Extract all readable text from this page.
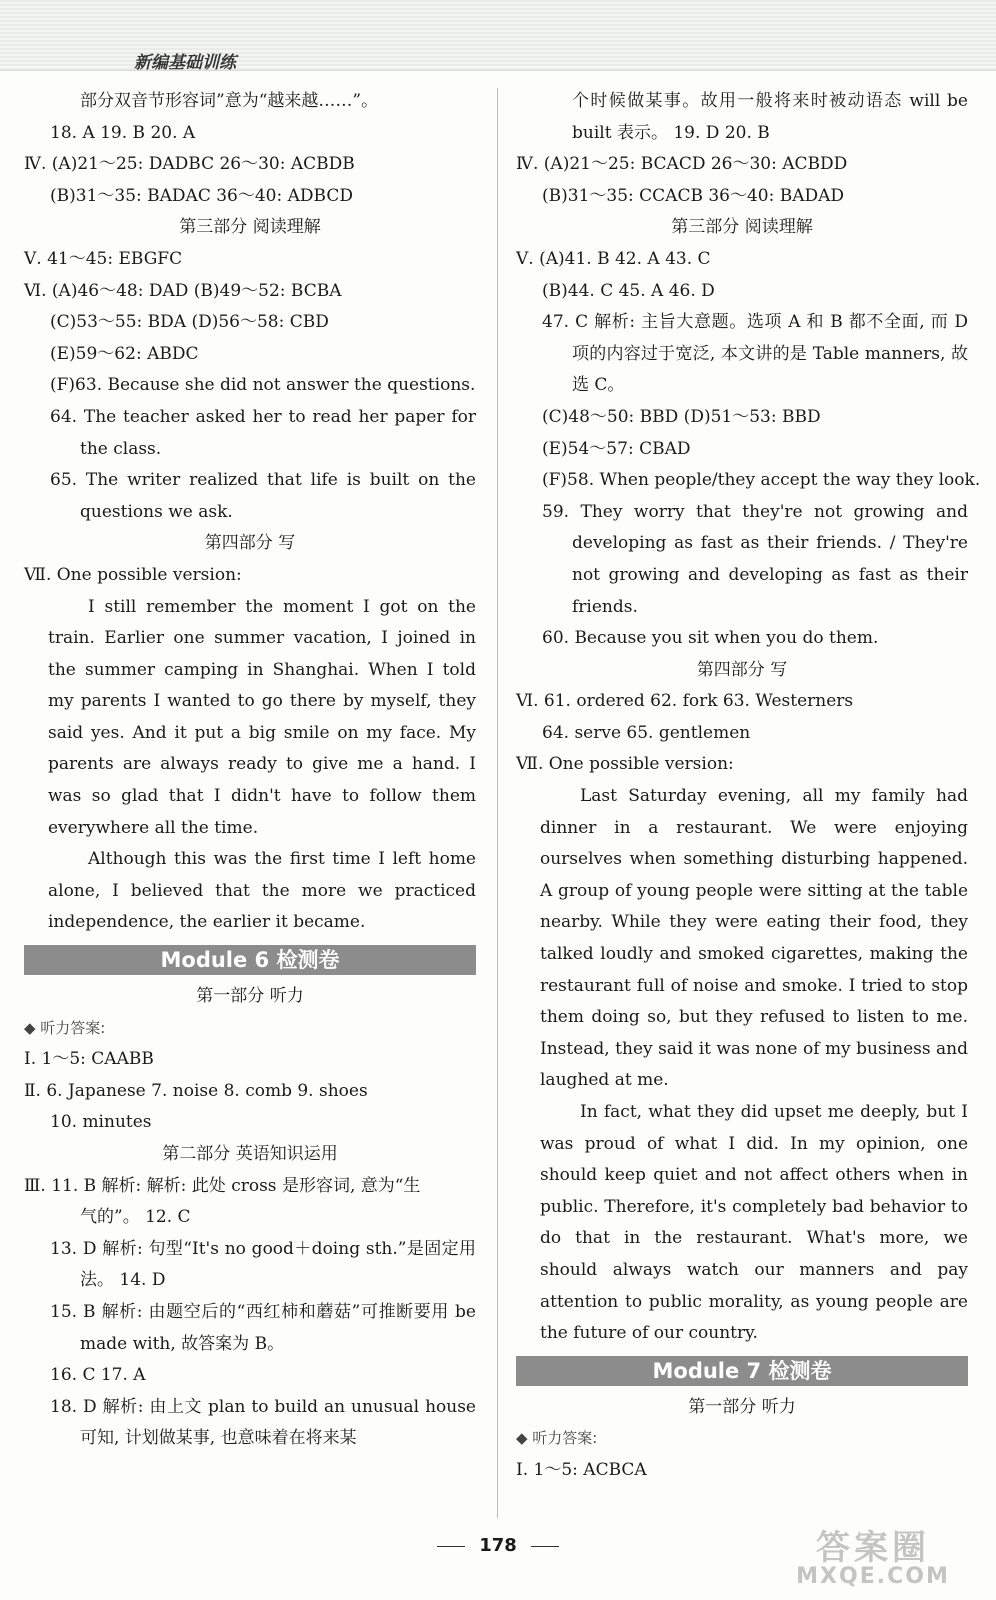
新编基础训练
部分双音节形容词”意为“越来越……”。
18. A 19. B 20. A
Ⅳ. (A)21～25: DADBC 26～30: ACBDB
(B)31～35: BADAC 36～40: ADBCD
第三部分 阅读理解
Ⅴ. 41～45: EBGFC
Ⅵ. (A)46～48: DAD (B)49～52: BCBA
(C)53～55: BDA (D)56～58: CBD
(E)59～62: ABDC
(F)63. Because she did not answer the questions.
64. The teacher asked her to read her paper for the class.
65. The writer realized that life is built on the questions we ask.
第四部分 写
Ⅶ. One possible version:
I still remember the moment I got on the train. Earlier one summer vacation, I joined in the summer camping in Shanghai. When I told my parents I wanted to go there by myself, they said yes. And it put a big smile on my face. My parents are always ready to give me a hand. I was so glad that I didn't have to follow them everywhere all the time.
Although this was the first time I left home alone, I believed that the more we practiced independence, the earlier it became.
Module 6 检测卷
第一部分 听力
◆ 听力答案:
Ⅰ. 1～5: CAABB
Ⅱ. 6. Japanese 7. noise 8. comb 9. shoes
10. minutes
第二部分 英语知识运用
Ⅲ. 11. B 解析: 解析: 此处 cross 是形容词, 意为“生
气的”。 12. C
13. D 解析: 句型“It's no good＋doing sth.”是固定用法。 14. D
15. B 解析: 由题空后的“西红柿和蘑菇”可推断要用 be made with, 故答案为 B。
16. C 17. A
18. D 解析: 由上文 plan to build an unusual house 可知, 计划做某事, 也意味着在将来某
个时候做某事。故用一般将来时被动语态 will be built 表示。 19. D 20. B
Ⅳ. (A)21～25: BCACD 26～30: ACBDD
(B)31～35: CCACB 36～40: BADAD
第三部分 阅读理解
Ⅴ. (A)41. B 42. A 43. C
(B)44. C 45. A 46. D
47. C 解析: 主旨大意题。选项 A 和 B 都不全面, 而 D 项的内容过于宽泛, 本文讲的是 Table manners, 故选 C。
(C)48～50: BBD (D)51～53: BBD
(E)54～57: CBAD
(F)58. When people/they accept the way they look.
59. They worry that they're not growing and developing as fast as their friends. / They're not growing and developing as fast as their friends.
60. Because you sit when you do them.
第四部分 写
Ⅵ. 61. ordered 62. fork 63. Westerners
64. serve 65. gentlemen
Ⅶ. One possible version:
Last Saturday evening, all my family had dinner in a restaurant. We were enjoying ourselves when something disturbing happened. A group of young people were sitting at the table nearby. While they were eating their food, they talked loudly and smoked cigarettes, making the restaurant full of noise and smoke. I tried to stop them doing so, but they refused to listen to me. Instead, they said it was none of my business and laughed at me.
In fact, what they did upset me deeply, but I was proud of what I did. In my opinion, one should keep quiet and not affect others when in public. Therefore, it's completely bad behavior to do that in the restaurant. What's more, we should always watch our manners and pay attention to public morality, as young people are the future of our country.
Module 7 检测卷
第一部分 听力
◆ 听力答案:
Ⅰ. 1～5: ACBCA
178	答案圈
MXQE.COM
